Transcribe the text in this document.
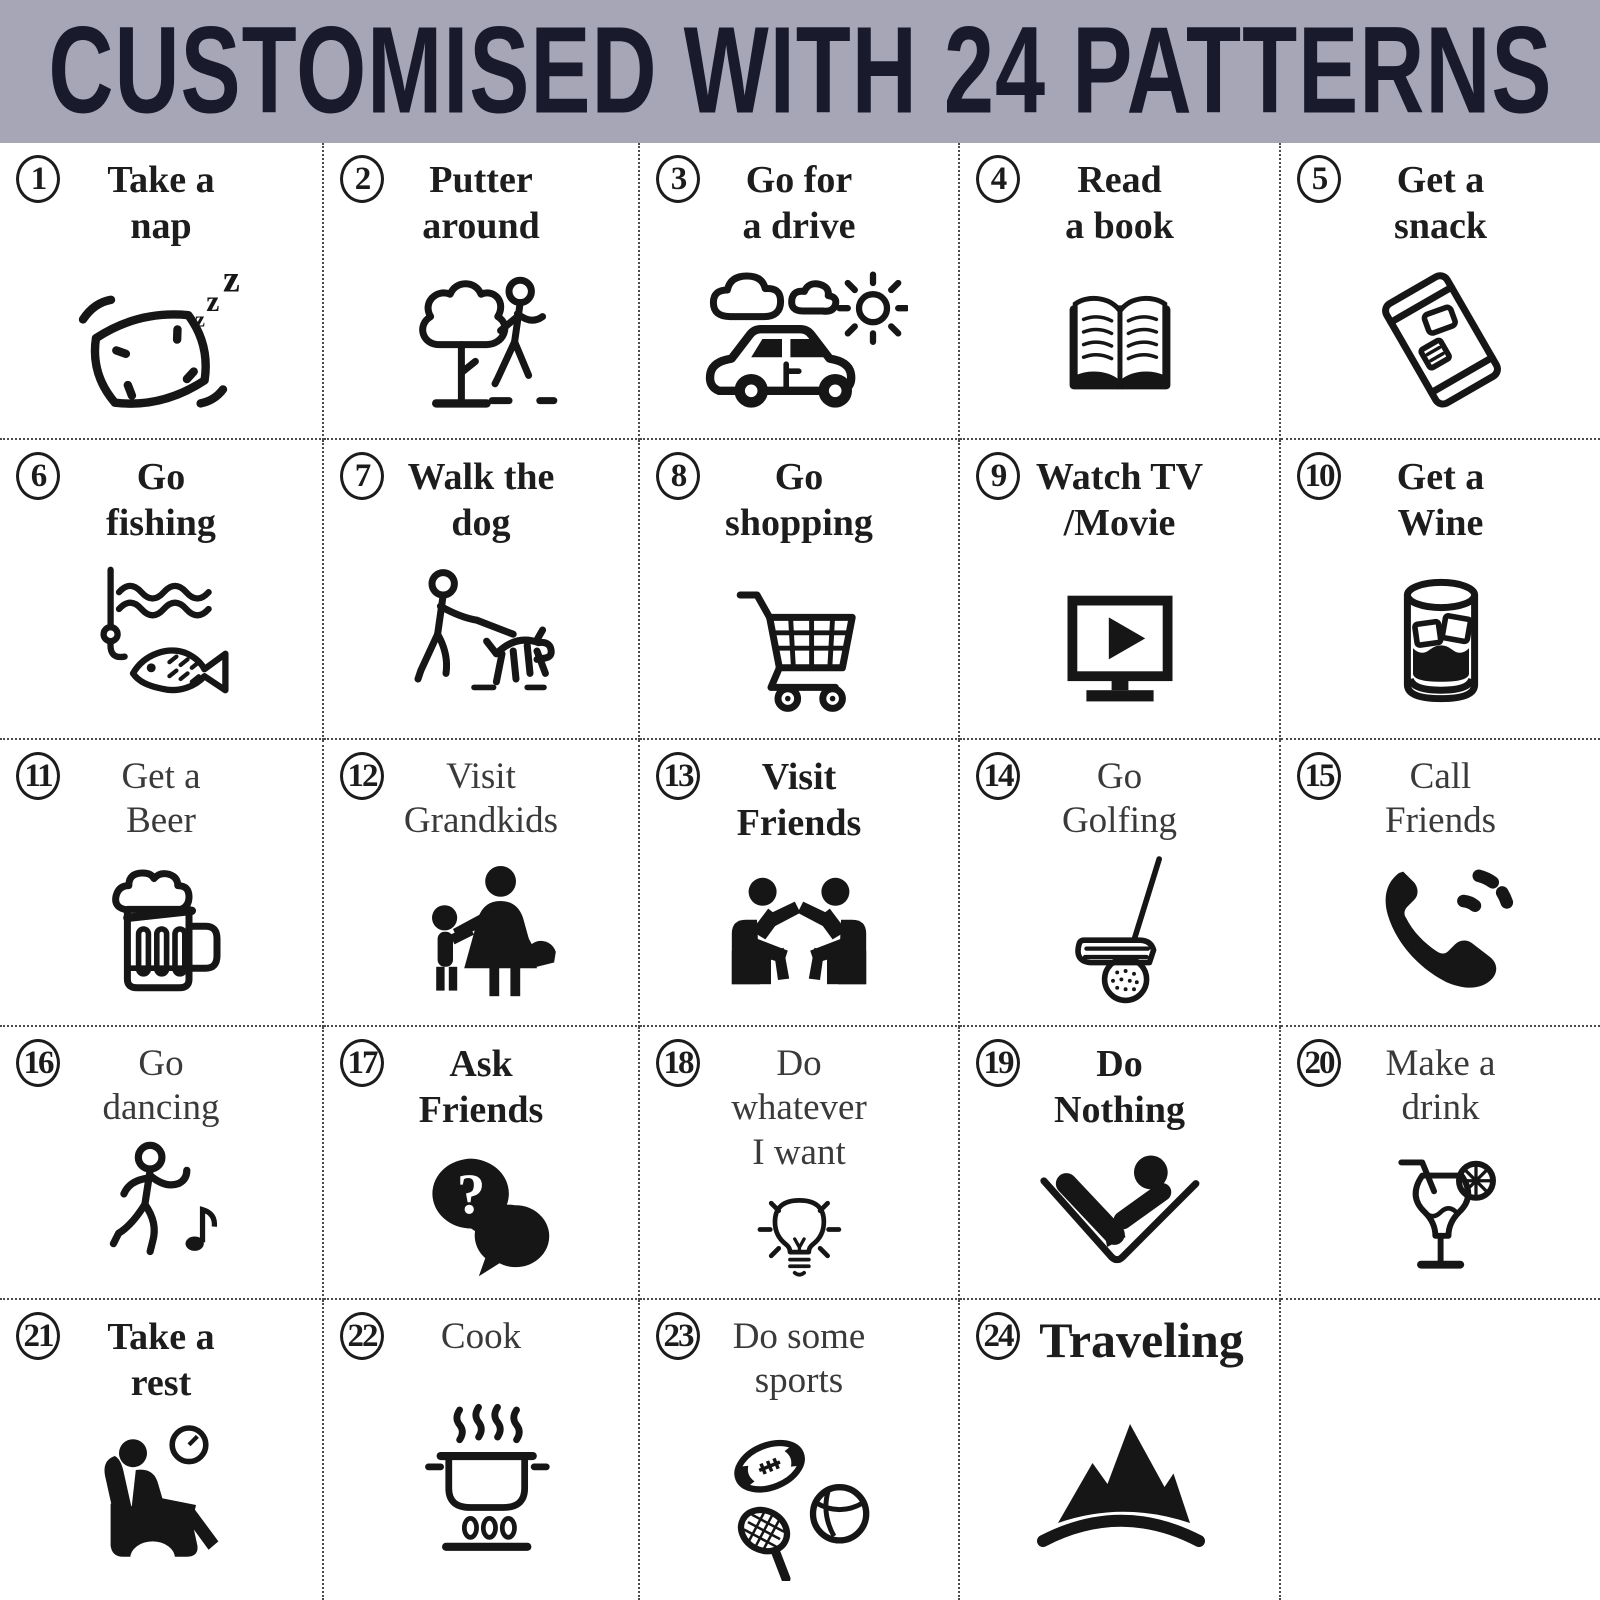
CUSTOMISED WITH 24 PATTERNS
1	Take a
nap
z
z
z
2	Putter
around
3	Go for
a drive
4	Read
a book
5	Get a
snack
6	Go
fishing
7	Walk the
dog
8	Go
shopping
9 Watch TV
/Movie
10 Get a
Wine
11 Get a
Beer
12	Visit
Grandkids
13	Visit
Friends
14	Go
Golfing
15	Call
Friends
16	Go
dancing
17	Ask
Friends
?
18	Do
whatever
I want
19	Do
Nothing
20 Make a
drink
21 Take a
rest
22 Cook	23 Do some
sports
24 Traveling
